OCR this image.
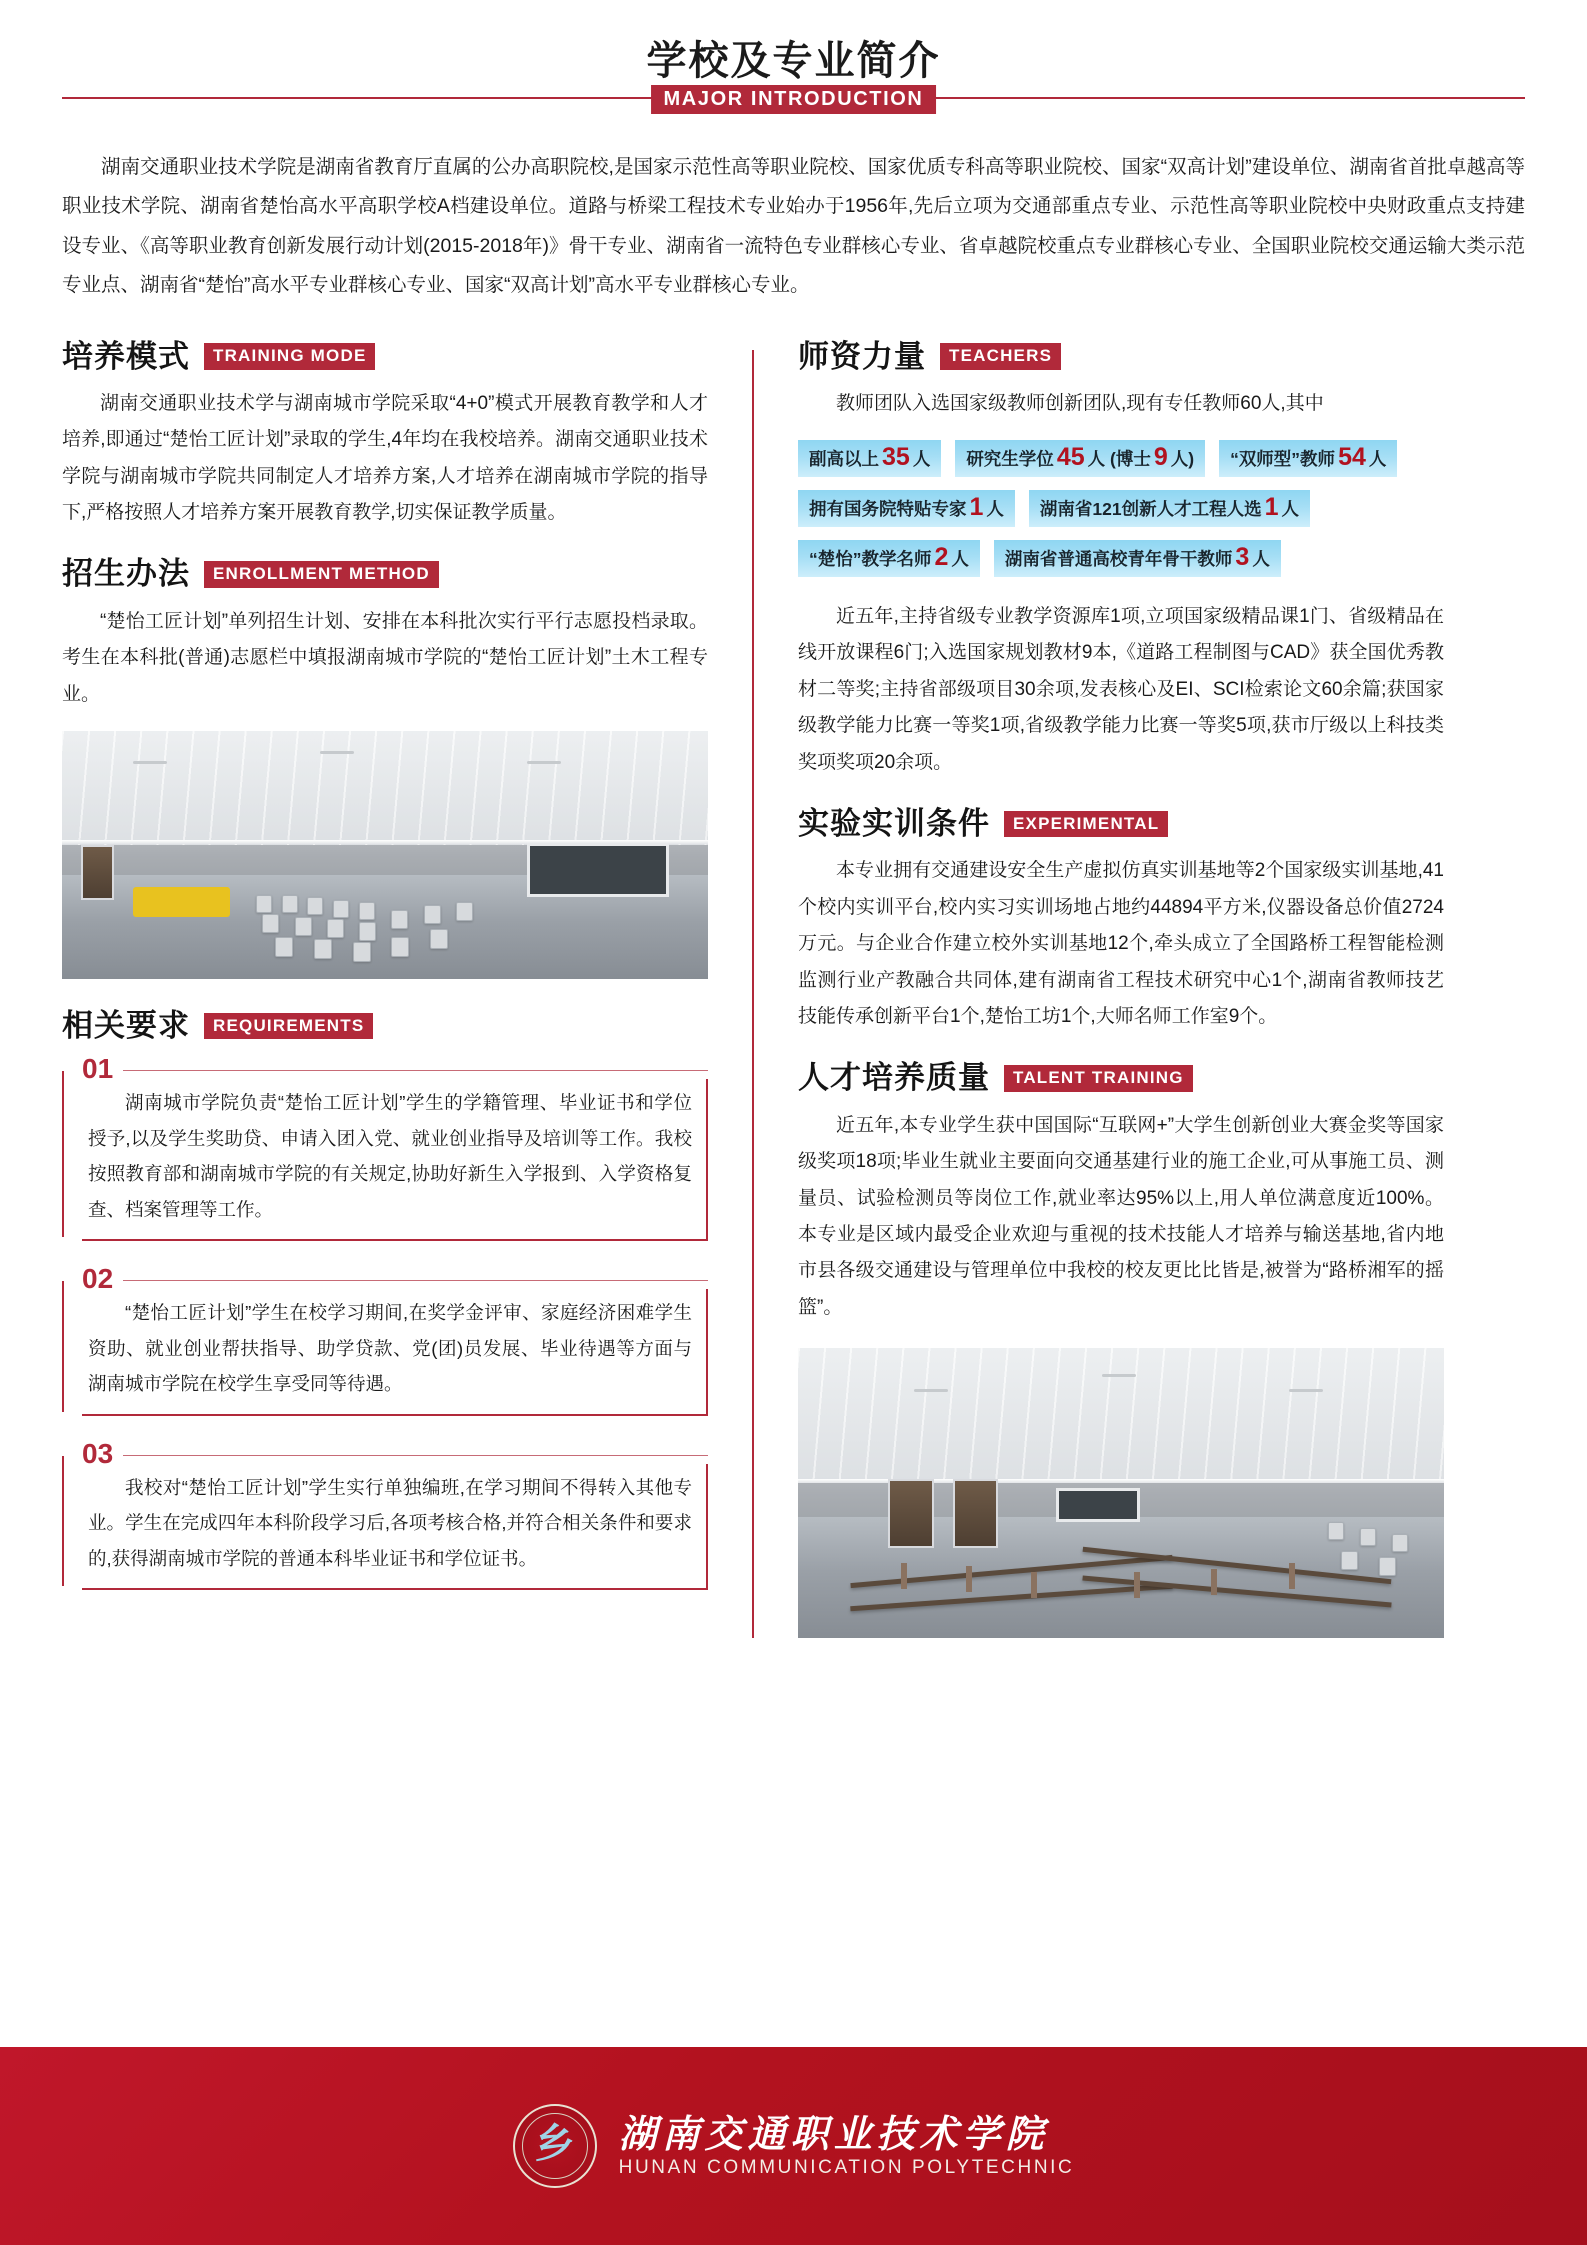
学校及专业简介
MAJOR INTRODUCTION
湖南交通职业技术学院是湖南省教育厅直属的公办高职院校,是国家示范性高等职业院校、国家优质专科高等职业院校、国家“双高计划”建设单位、湖南省首批卓越高等职业技术学院、湖南省楚怡高水平高职学校A档建设单位。道路与桥梁工程技术专业始办于1956年,先后立项为交通部重点专业、示范性高等职业院校中央财政重点支持建设专业、《高等职业教育创新发展行动计划(2015-2018年)》骨干专业、湖南省一流特色专业群核心专业、省卓越院校重点专业群核心专业、全国职业院校交通运输大类示范专业点、湖南省“楚怡”高水平专业群核心专业、国家“双高计划”高水平专业群核心专业。
培养模式	TRAINING MODE
湖南交通职业技术学与湖南城市学院采取“4+0”模式开展教育教学和人才培养,即通过“楚怡工匠计划”录取的学生,4年均在我校培养。湖南交通职业技术学院与湖南城市学院共同制定人才培养方案,人才培养在湖南城市学院的指导下,严格按照人才培养方案开展教育教学,切实保证教学质量。
招生办法	ENROLLMENT METHOD
“楚怡工匠计划”单列招生计划、安排在本科批次实行平行志愿投档录取。考生在本科批(普通)志愿栏中填报湖南城市学院的“楚怡工匠计划”土木工程专业。
相关要求	REQUIREMENTS
01
湖南城市学院负责“楚怡工匠计划”学生的学籍管理、毕业证书和学位授予,以及学生奖助贷、申请入团入党、就业创业指导及培训等工作。我校按照教育部和湖南城市学院的有关规定,协助好新生入学报到、入学资格复查、档案管理等工作。
02
“楚怡工匠计划”学生在校学习期间,在奖学金评审、家庭经济困难学生资助、就业创业帮扶指导、助学贷款、党(团)员发展、毕业待遇等方面与湖南城市学院在校学生享受同等待遇。
03
我校对“楚怡工匠计划”学生实行单独编班,在学习期间不得转入其他专业。学生在完成四年本科阶段学习后,各项考核合格,并符合相关条件和要求的,获得湖南城市学院的普通本科毕业证书和学位证书。
师资力量	TEACHERS
教师团队入选国家级教师创新团队,现有专任教师60人,其中
副高以上 35 人 研究生学位 45 人 (博士 9 人) “双师型”教师 54 人
拥有国务院特贴专家 1 人 湖南省121创新人才工程人选 1 人
“楚怡”教学名师 2 人 湖南省普通高校青年骨干教师 3 人
近五年,主持省级专业教学资源库1项,立项国家级精品课1门、省级精品在线开放课程6门;入选国家规划教材9本,《道路工程制图与CAD》获全国优秀教材二等奖;主持省部级项目30余项,发表核心及EI、SCI检索论文60余篇;获国家级教学能力比赛一等奖1项,省级教学能力比赛一等奖5项,获市厅级以上科技类奖项奖项20余项。
实验实训条件	EXPERIMENTAL
本专业拥有交通建设安全生产虚拟仿真实训基地等2个国家级实训基地,41个校内实训平台,校内实习实训场地占地约44894平方米,仪器设备总价值2724万元。与企业合作建立校外实训基地12个,牵头成立了全国路桥工程智能检测监测行业产教融合共同体,建有湖南省工程技术研究中心1个,湖南省教师技艺技能传承创新平台1个,楚怡工坊1个,大师名师工作室9个。
人才培养质量	TALENT TRAINING
近五年,本专业学生获中国国际“互联网+”大学生创新创业大赛金奖等国家级奖项18项;毕业生就业主要面向交通基建行业的施工企业,可从事施工员、测量员、试验检测员等岗位工作,就业率达95%以上,用人单位满意度近100%。本专业是区域内最受企业欢迎与重视的技术技能人才培养与输送基地,省内地市县各级交通建设与管理单位中我校的校友更比比皆是,被誉为“路桥湘军的摇篮”。
乡 湖南交通职业技术学院
HUNAN COMMUNICATION POLYTECHNIC
